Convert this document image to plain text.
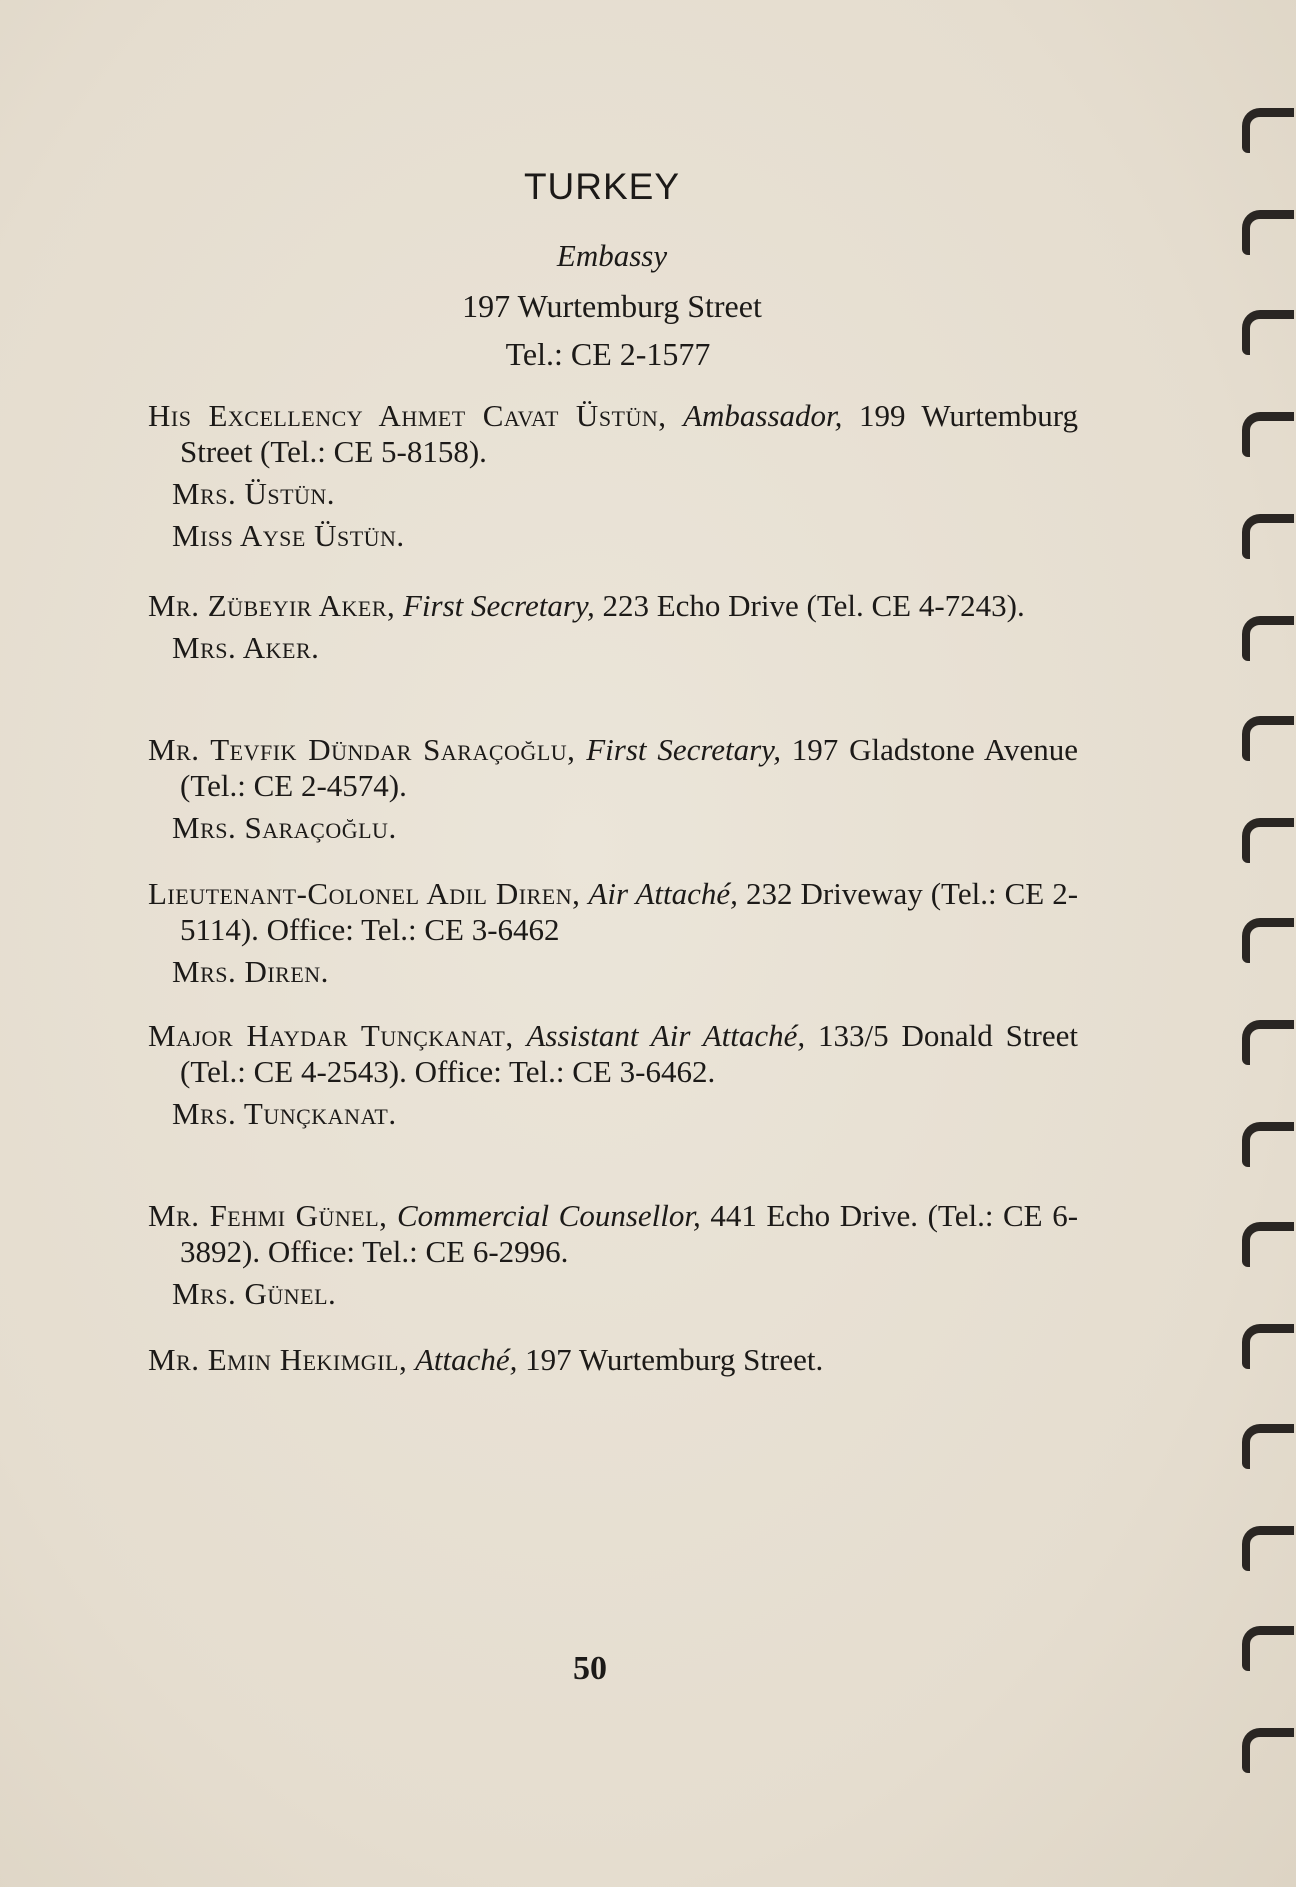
TURKEY
Embassy
197 Wurtemburg Street
Tel.: CE 2-1577
His Excellency Ahmet Cavat Üstün, Ambassador, 199 Wurtemburg Street (Tel.: CE 5-8158).
Mrs. Üstün.
Miss Ayse Üstün.
Mr. Zübeyir Aker, First Secretary, 223 Echo Drive (Tel. CE 4-7243).
Mrs. Aker.
Mr. Tevfik Dündar Saraçoğlu, First Secretary, 197 Gladstone Avenue (Tel.: CE 2-4574).
Mrs. Saraçoğlu.
Lieutenant-Colonel Adil Diren, Air Attaché, 232 Driveway (Tel.: CE 2-5114). Office: Tel.: CE 3-6462
Mrs. Diren.
Major Haydar Tunçkanat, Assistant Air Attaché, 133/5 Donald Street (Tel.: CE 4-2543). Office: Tel.: CE 3-6462.
Mrs. Tunçkanat.
Mr. Fehmi Günel, Commercial Counsellor, 441 Echo Drive. (Tel.: CE 6-3892). Office: Tel.: CE 6-2996.
Mrs. Günel.
Mr. Emin Hekimgil, Attaché, 197 Wurtemburg Street.
50
